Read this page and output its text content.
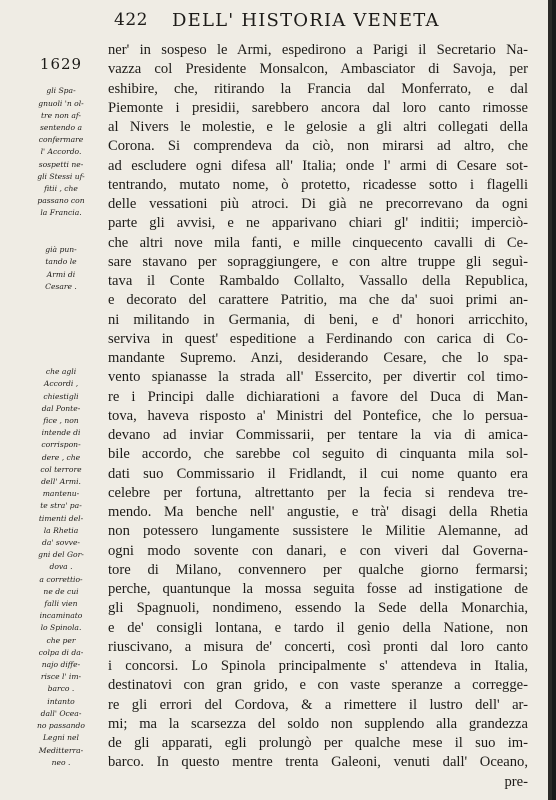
422 DELL' HISTORIA VENETA

1629

gli Spa-
gnuoli 'n ol-
tre non af-
sentendo a
confermare
l' Accordo.
sospetti ne-
gli Stessi uf-
fitii , che
passano con
la Francia.

già pun-
tando le
Armi di
Cesare .

che agli
Accordi ,
chiestigli
dal Ponte-
fice , non
intende di
corrispon-
dere , che
col terrore
dell' Armi.
mantenu-
te stra' pa-
timenti del-
la Rhetia
da' sovve-
gni del Gor-
dova .
a correttio-
ne de cui
falli vien
incaminato
lo Spinola.
che per
colpa di da-
najo diffe-
risce l' im-
barco .
intanto
dall' Ocea-
no passando
Legni nel
Meditterra-
neo .

ner' in sospeso le Armi, espedirono a Parigi il Secretario Na-
vazza col Presidente Monsalcon, Ambasciator di Savoja, per
eshibire, che, ritirando la Francia dal Monferrato, e dal
Piemonte i presidii, sarebbero ancora dal loro canto rimosse
al Nivers le molestie, e le gelosie a gli altri collegati della
Corona. Si comprendeva da ciò, non mirarsi ad altro, che
ad escludere ogni difesa all' Italia; onde l' armi di Cesare sot-
tentrando, mutato nome, ò protetto, ricadesse sotto i flagelli
delle vessationi più atroci. Di già ne precorrevano da ogni
parte gli avvisi, e ne apparivano chiari gl' inditii; imperciò-
che altri nove mila fanti, e mille cinquecento cavalli di Ce-
sare stavano per sopraggiungere, e con altre truppe gli seguì-
tava il Conte Rambaldo Collalto, Vassallo della Republica,
e decorato del carattere Patritio, ma che da' suoi primi an-
ni militando in Germania, di beni, e d' honori arricchito,
serviva in quest' espeditione a Ferdinando con carica di Co-
mandante Supremo. Anzi, desiderando Cesare, che lo spa-
vento spianasse la strada all' Essercito, per divertir col timo-
re i Principi dalle dichiarationi a favore del Duca di Man-
tova, haveva risposto a' Ministri del Pontefice, che lo persua-
devano ad inviar Commissarii, per tentare la via di amica-
bile accordo, che sarebbe col seguito di cinquanta mila sol-
dati suo Commissario il Fridlandt, il cui nome quanto era
celebre per fortuna, altrettanto per la fecia si rendeva tre-
mendo. Ma benche nell' angustie, e trà' disagi della Rhetia
non potessero lungamente sussistere le Militie Alemanne, ad
ogni modo sovente con danari, e con viveri dal Governa-
tore di Milano, convennero per qualche giorno fermarsi;
perche, quantunque la mossa seguita fosse ad instigatione de
gli Spagnuoli, nondimeno, essendo la Sede della Monarchia,
e de' consigli lontana, e tardo il genio della Natione, non
riuscivano, a misura de' concerti, così pronti dal loro canto
i concorsi. Lo Spinola principalmente s' attendeva in Italia,
destinatovi con gran grido, e con vaste speranze a corregge-
re gli errori del Cordova, & a rimettere il lustro dell' ar-
mi; ma la scarsezza del soldo non supplendo alla grandezza
de gli apparati, egli prolungò per qualche mese il suo im-
barco. In questo mentre trenta Galeoni, venuti dall' Oceano,
pre-
